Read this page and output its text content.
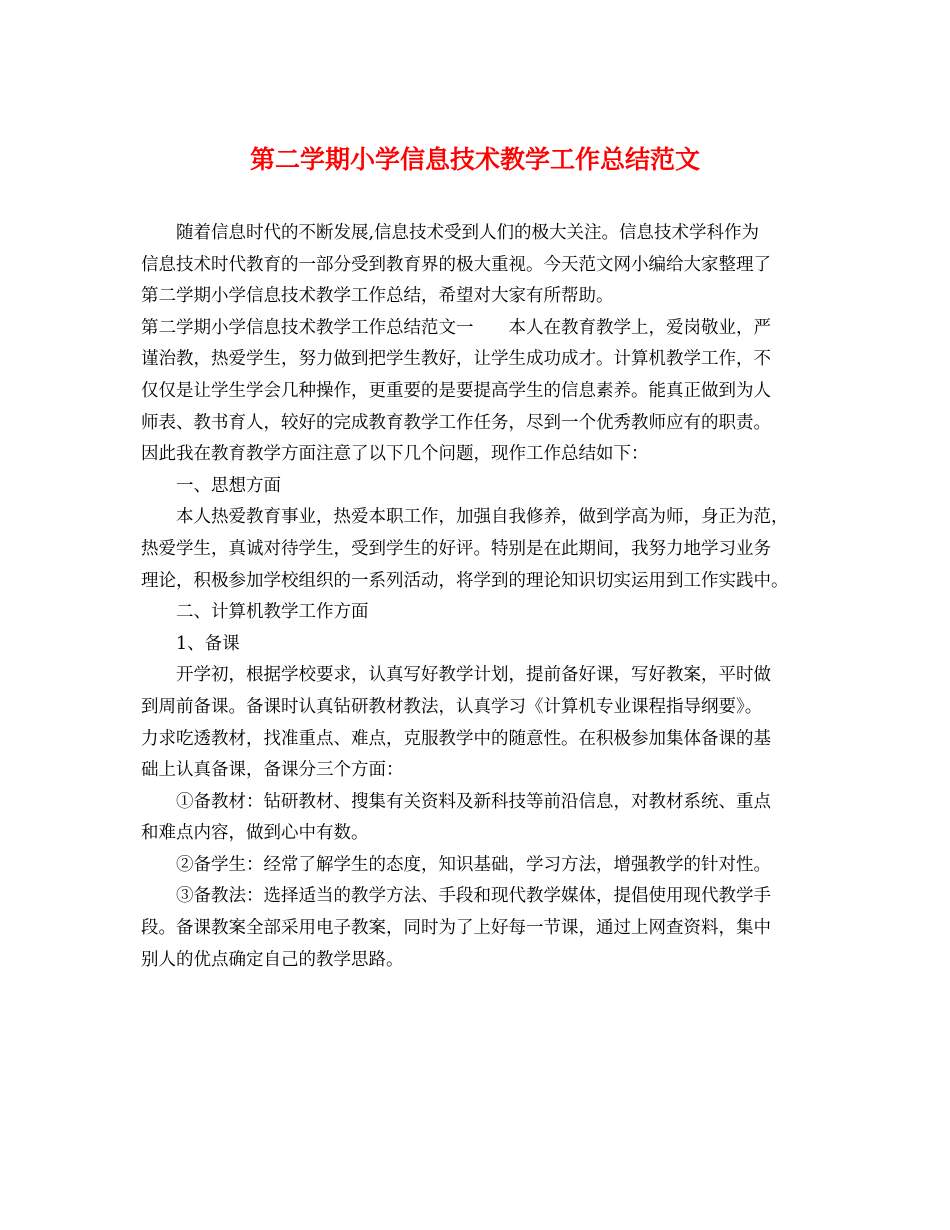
第二学期小学信息技术教学工作总结范文
随着信息时代的不断发展,信息技术受到人们的极大关注。信息技术学科作为
信息技术时代教育的一部分受到教育界的极大重视。今天范文网小编给大家整理了
第二学期小学信息技术教学工作总结，希望对大家有所帮助。
第二学期小学信息技术教学工作总结范文一　　本人在教育教学上，爱岗敬业，严
谨治教，热爱学生，努力做到把学生教好，让学生成功成才。计算机教学工作，不
仅仅是让学生学会几种操作，更重要的是要提高学生的信息素养。能真正做到为人
师表、教书育人，较好的完成教育教学工作任务，尽到一个优秀教师应有的职责。
因此我在教育教学方面注意了以下几个问题，现作工作总结如下：
一、思想方面
本人热爱教育事业，热爱本职工作，加强自我修养，做到学高为师，身正为范，
热爱学生，真诚对待学生，受到学生的好评。特别是在此期间，我努力地学习业务
理论，积极参加学校组织的一系列活动，将学到的理论知识切实运用到工作实践中。
二、计算机教学工作方面
1、备课
开学初，根据学校要求，认真写好教学计划，提前备好课，写好教案，平时做
到周前备课。备课时认真钻研教材教法，认真学习《计算机专业课程指导纲要》。
力求吃透教材，找准重点、难点，克服教学中的随意性。在积极参加集体备课的基
础上认真备课，备课分三个方面：
①备教材：钻研教材、搜集有关资料及新科技等前沿信息，对教材系统、重点
和难点内容，做到心中有数。
②备学生：经常了解学生的态度，知识基础，学习方法，增强教学的针对性。
③备教法：选择适当的教学方法、手段和现代教学媒体，提倡使用现代教学手
段。备课教案全部采用电子教案，同时为了上好每一节课，通过上网查资料，集中
别人的优点确定自己的教学思路。
